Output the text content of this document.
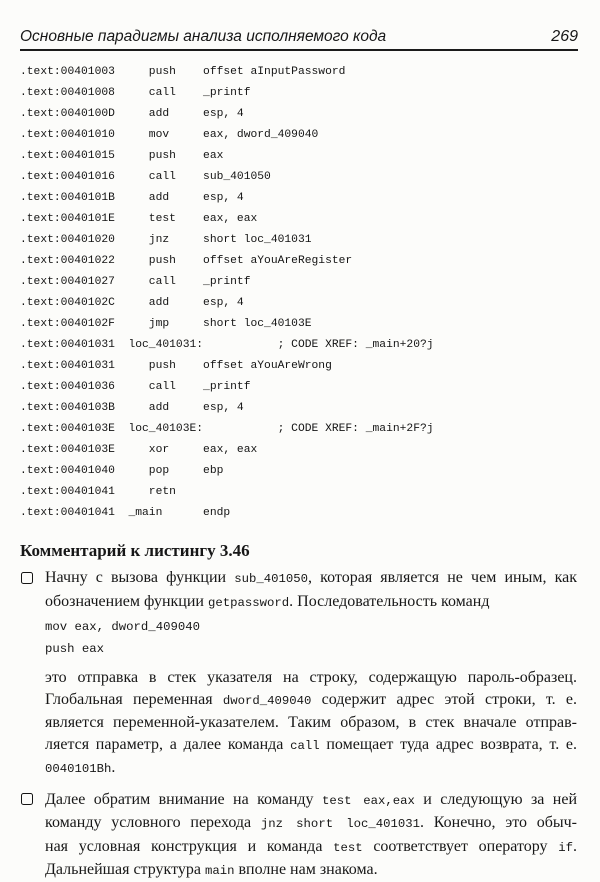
Основные парадигмы анализа исполняемого кода	269
.text:00401003     push    offset aInputPassword
.text:00401008     call    _printf
.text:0040100D     add     esp, 4
.text:00401010     mov     eax, dword_409040
.text:00401015     push    eax
.text:00401016     call    sub_401050
.text:0040101B     add     esp, 4
.text:0040101E     test    eax, eax
.text:00401020     jnz     short loc_401031
.text:00401022     push    offset aYouAreRegister
.text:00401027     call    _printf
.text:0040102C     add     esp, 4
.text:0040102F     jmp     short loc_40103E
.text:00401031  loc_401031:           ; CODE XREF: _main+20?j
.text:00401031     push    offset aYouAreWrong
.text:00401036     call    _printf
.text:0040103B     add     esp, 4
.text:0040103E  loc_40103E:           ; CODE XREF: _main+2F?j
.text:0040103E     xor     eax, eax
.text:00401040     pop     ebp
.text:00401041     retn
.text:00401041  _main      endp
Комментарий к листингу 3.46
Начну с вызова функции sub_401050, которая является не чем иным, как
обозначением функции getpassword. Последовательность команд
mov eax, dword_409040
push eax
это отправка в стек указателя на строку, содержащую пароль-образец.
Глобальная переменная dword_409040 содержит адрес этой строки, т. е.
является переменной-указателем. Таким образом, в стек вначале отправ-
ляется параметр, а далее команда call помещает туда адрес возврата, т. е.
0040101Bh.
Далее обратим внимание на команду test eax,eax и следующую за ней
команду условного перехода jnz short loc_401031. Конечно, это обыч-
ная условная конструкция и команда test соответствует оператору if.
Дальнейшая структура main вполне нам знакома.
